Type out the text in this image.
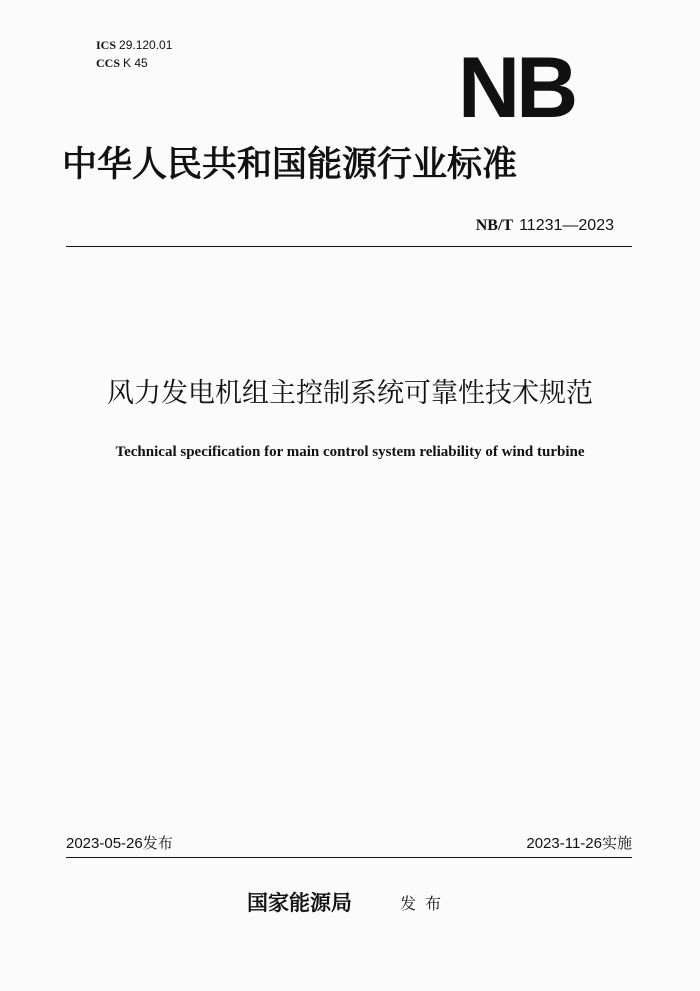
ICS 29.120.01
CCS K 45	NB
中华人民共和国能源行业标准
NB/T 11231—2023
风力发电机组主控制系统可靠性技术规范
Technical specification for main control system reliability of wind turbine
2023-05-26发布	2023-11-26实施
国家能源局	发布
